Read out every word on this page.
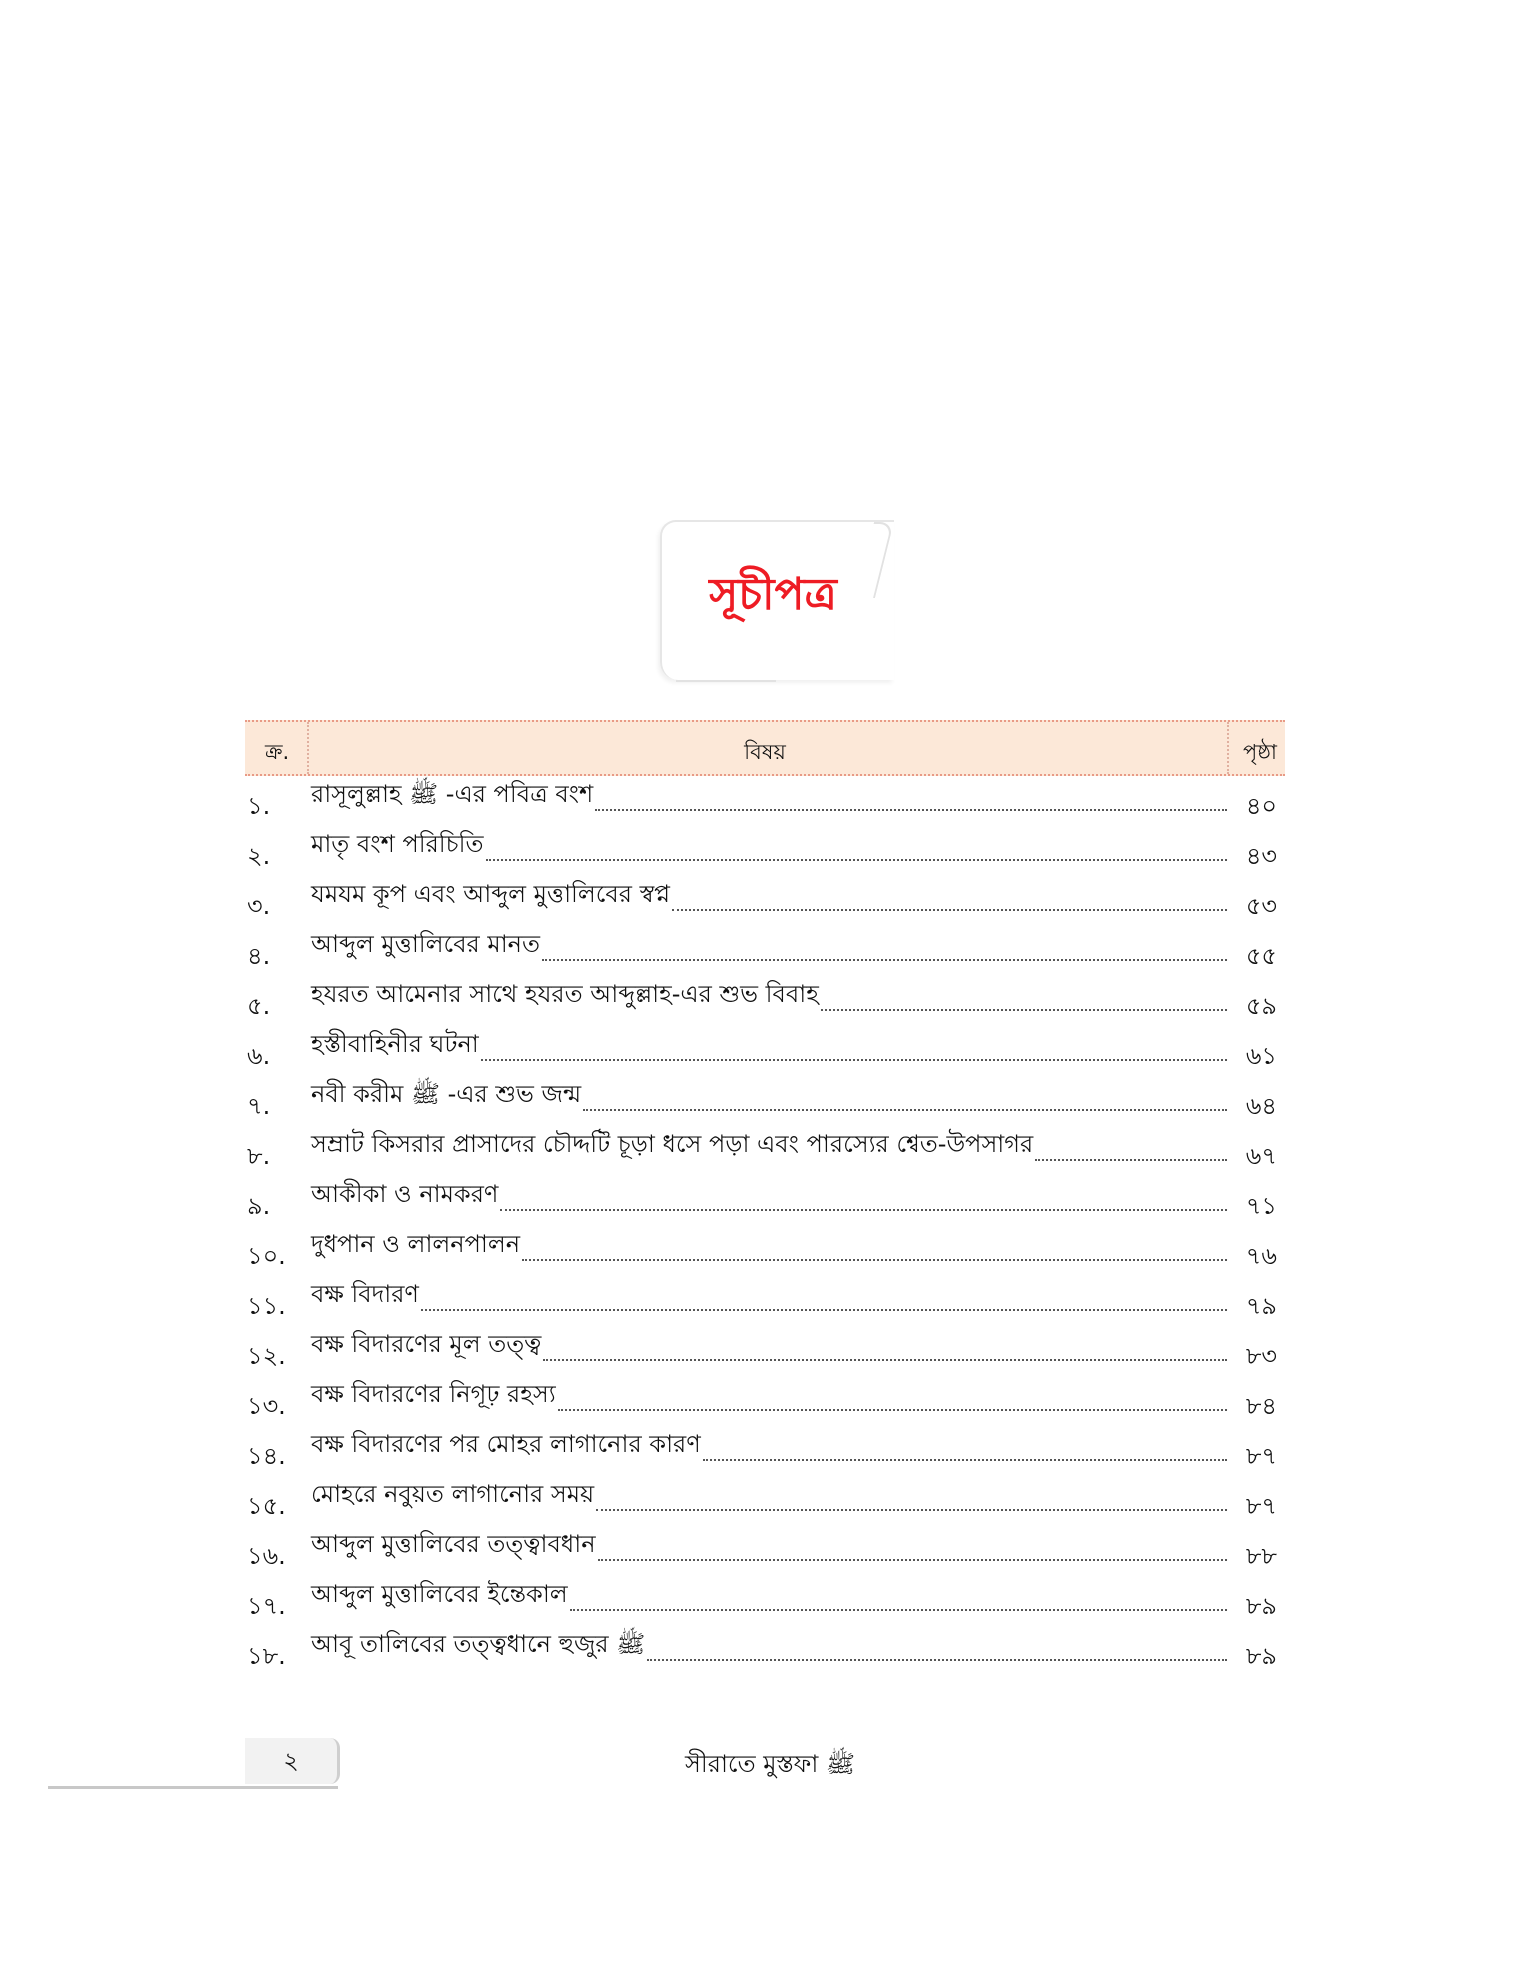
সূচীপত্র
ক্র.	বিষয়	পৃষ্ঠা
১. রাসূলুল্লাহ ﷺ -এর পবিত্র বংশ	৪০
২. মাতৃ বংশ পরিচিতি	৪৩
৩. যমযম কূপ এবং আব্দুল মুত্তালিবের স্বপ্ন	৫৩
৪. আব্দুল মুত্তালিবের মানত	৫৫
৫. হযরত আমেনার সাথে হযরত আব্দুল্লাহ-এর শুভ বিবাহ	৫৯
৬. হস্তীবাহিনীর ঘটনা	৬১
৭. নবী করীম ﷺ -এর শুভ জন্ম	৬৪
৮. সম্রাট কিসরার প্রাসাদের চৌদ্দটি চূড়া ধসে পড়া এবং পারস্যের শ্বেত-উপসাগর	৬৭
৯. আকীকা ও নামকরণ	৭১
১০. দুধপান ও লালনপালন	৭৬
১১. বক্ষ বিদারণ	৭৯
১২. বক্ষ বিদারণের মূল তত্ত্ব	৮৩
১৩. বক্ষ বিদারণের নিগূঢ় রহস্য	৮৪
১৪. বক্ষ বিদারণের পর মোহর লাগানোর কারণ	৮৭
১৫. মোহরে নবুয়ত লাগানোর সময়	৮৭
১৬. আব্দুল মুত্তালিবের তত্ত্বাবধান	৮৮
১৭. আব্দুল মুত্তালিবের ইন্তেকাল	৮৯
১৮. আবূ তালিবের তত্ত্বধানে হুজুর ﷺ	৮৯
২	সীরাতে মুস্তফা ﷺ
